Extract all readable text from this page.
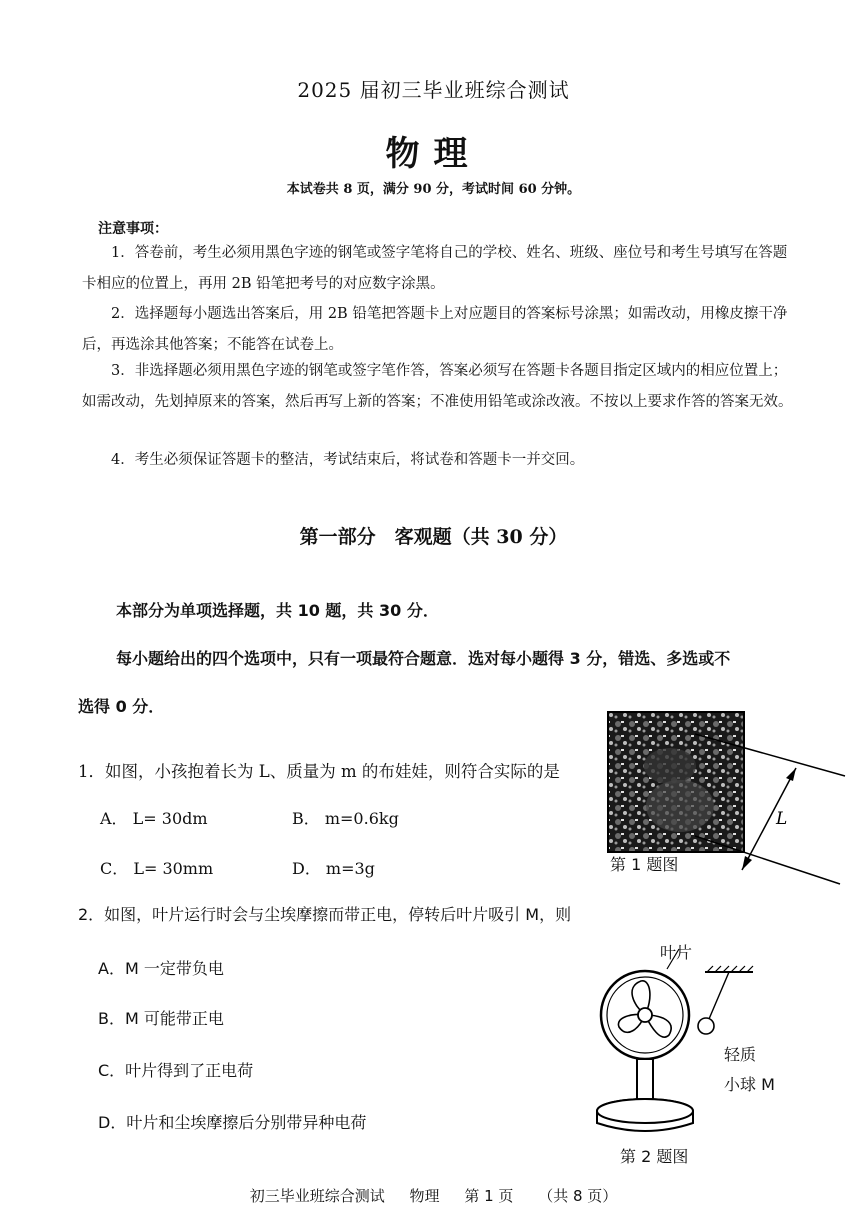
2025 届初三毕业班综合测试
物理
本试卷共 8 页，满分 90 分，考试时间 60 分钟。
注意事项：
1．答卷前，考生必须用黑色字迹的钢笔或签字笔将自己的学校、姓名、班级、座位号和考生号填写在答题卡相应的位置上，再用 2B 铅笔把考号的对应数字涂黑。
2．选择题每小题选出答案后，用 2B 铅笔把答题卡上对应题目的答案标号涂黑；如需改动，用橡皮擦干净后，再选涂其他答案；不能答在试卷上。
3．非选择题必须用黑色字迹的钢笔或签字笔作答，答案必须写在答题卡各题目指定区域内的相应位置上；如需改动，先划掉原来的答案，然后再写上新的答案；不准使用铅笔或涂改液。不按以上要求作答的答案无效。
4．考生必须保证答题卡的整洁，考试结束后，将试卷和答题卡一并交回。
第一部分　客观题（共 30 分）
本部分为单项选择题，共 10 题，共 30 分．
每小题给出的四个选项中，只有一项最符合题意．选对每小题得 3 分，错选、多选或不
选得 0 分．
1．如图，小孩抱着长为 L、质量为 m 的布娃娃，则符合实际的是
A． L= 30dm	B． m=0.6kg
C． L= 30mm	D． m=3g
L
第 1 题图
2．如图，叶片运行时会与尘埃摩擦而带正电，停转后叶片吸引 M，则
A．M 一定带负电
B．M 可能带正电
C．叶片得到了正电荷
D．叶片和尘埃摩擦后分别带异种电荷
叶片
轻质
小球 M
第 2 题图
初三毕业班综合测试 物理 第 1 页 （共 8 页）
